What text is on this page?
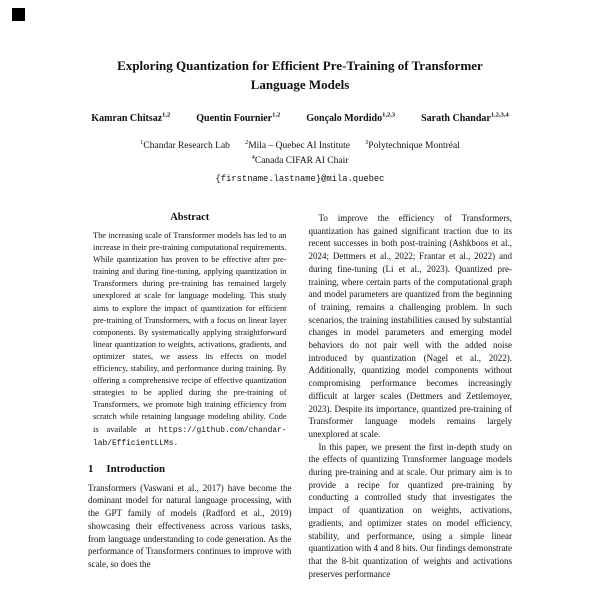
Exploring Quantization for Efficient Pre-Training of Transformer
Language Models
Kamran Chitsaz$^{1,2}$	Quentin Fournier$^{1,2}$	Gonçalo Mordido$^{1,2,3}$	Sarath Chandar$^{1,2,3,4}$
$^1$Chandar Research Lab $^2$Mila – Quebec AI Institute $^3$Polytechnique Montréal
$^4$Canada CIFAR AI Chair
{firstname.lastname}@mila.quebec
Abstract

The increasing scale of Transformer models has led to an increase in their pre-training computational requirements. While quantization has proven to be effective after pre-training and during fine-tuning, applying quantization in Transformers during pre-training has remained largely unexplored at scale for language modeling. This study aims to explore the impact of quantization for efficient pre-training of Transformers, with a focus on linear layer components. By systematically applying straightforward linear quantization to weights, activations, gradients, and optimizer states, we assess its effects on model efficiency, stability, and performance during training. By offering a comprehensive recipe of effective quantization strategies to be applied during the pre-training of Transformers, we promote high training efficiency from scratch while retaining language modeling ability. Code is available at https://github.com/chandar-lab/EfficientLLMs.

1 Introduction

Transformers (Vaswani et al., 2017) have become the dominant model for natural language processing, with the GPT family of models (Radford et al., 2019) showcasing their effectiveness across various tasks, from language understanding to code generation. As the performance of Transformers continues to improve with scale, so does the

To improve the efficiency of Transformers, quantization has gained significant traction due to its recent successes in both post-training (Ashkboos et al., 2024; Dettmers et al., 2022; Frantar et al., 2022) and during fine-tuning (Li et al., 2023). Quantized pre-training, where certain parts of the computational graph and model parameters are quantized from the beginning of training, remains a challenging problem. In such scenarios, the training instabilities caused by substantial changes in model parameters and emerging model behaviors do not pair well with the added noise introduced by quantization (Nagel et al., 2022). Additionally, quantizing model components without compromising performance becomes increasingly difficult at larger scales (Dettmers and Zettlemoyer, 2023). Despite its importance, quantized pre-training of Transformer language models remains largely unexplored at scale.

In this paper, we present the first in-depth study on the effects of quantizing Transformer language models during pre-training and at scale. Our primary aim is to provide a recipe for quantized pre-training by conducting a controlled study that investigates the impact of quantization on weights, activations, gradients, and optimizer states on model efficiency, stability, and performance, using a simple linear quantization with 4 and 8 bits. Our findings demonstrate that the 8-bit quantization of weights and activations preserves performance
